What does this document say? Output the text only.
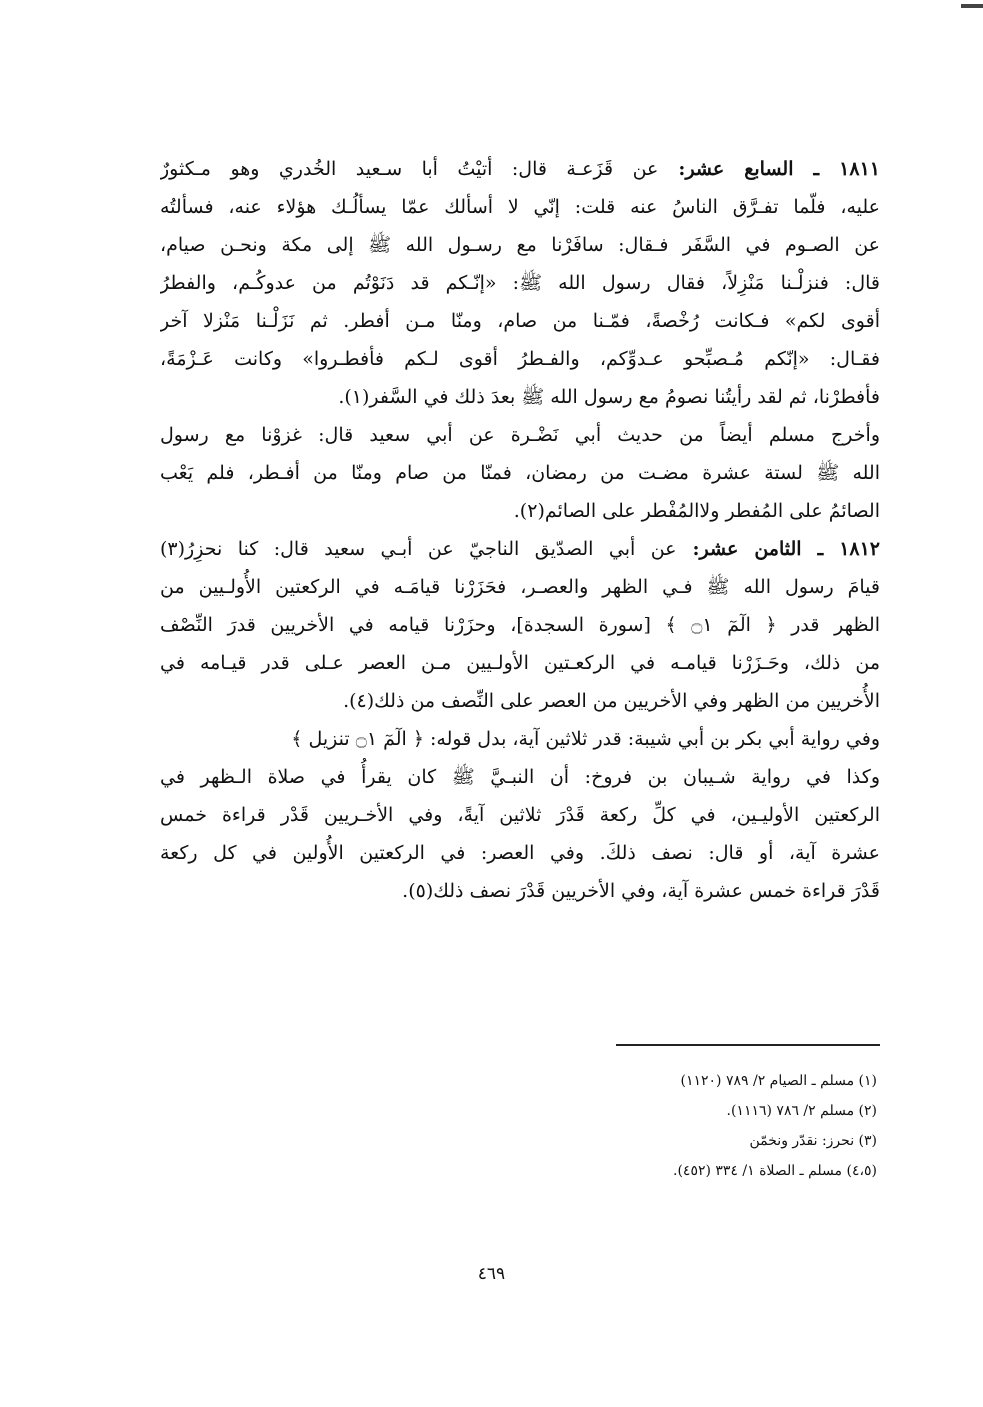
١٨١١ ـ السابع عشر: عن قَزَعـة قال: أتيْتُ أبا سـعيد الخُدري وهو مـكثورٌ
عليه، فلّما تفـرَّق الناسُ عنه قلت: إنّي لا أسألك عمّا يسألُـك هؤلاء عنه، فسألتُه
عن الصـوم في السَّفَر فـقال: سافَرْنا مع رسـول الله ﷺ إلى مكة ونحـن صيام،
قال: فنزلْـنا مَنْزِلاً، فقال رسول الله ﷺ: «إنّـكم قد دَنَوْتُم من عدوكُـم، والفطرُ
أقوى لكم» فـكانت رُخْصةً، فمّـنا من صام، ومنّا مـن أفطر. ثم نَزَلْـنا مَنْزلا آخر
فقـال: «إنّكم مُـصبِّحو عـدوِّكم، والفـطرُ أقوى لـكم فأفطـروا» وكانت عَـزْمَةً،
فأفطرْنا، ثم لقد رأيتُنا نصومُ مع رسول الله ﷺ بعدَ ذلك في السَّفر(١).
وأخرج مسلم أيضاً من حديث أبي نَضْـرة عن أبي سعيد قال: غزوْنا مع رسول
الله ﷺ لستة عشرة مضـت من رمضان، فمنّا من صام ومنّا من أفـطر، فلم يَعْب
الصائمُ على المُفطر ولاالمُفْطر على الصائم(٢).
١٨١٢ ـ الثامن عشر: عن أبي الصدّيق الناجيّ عن أبـي سعيد قال: كنا نحزِرُ(٣)
قيامَ رسول الله ﷺ فـي الظهر والعصـر، فحَزَرْنا قيامَـه في الركعتين الأُولـيين من
الظهر قدر ﴿ الٓمٓ ۝١ ﴾ [سورة السجدة]، وحزَرْنا قيامه في الأخريين قدرَ النِّصْف
من ذلك، وحَـزَرْنا قيامـه في الركعـتين الأولـيين مـن العصر عـلى قدر قيـامه في
الأُخريين من الظهر وفي الأخريين من العصر على النِّصف من ذلك(٤).
وفي رواية أبي بكر بن أبي شيبة: قدر ثلاثين آية، بدل قوله: ﴿ الٓمٓ ۝١ تنزيل ﴾
وكذا في رواية شـيبان بن فروخ: أن النبـيَّ ﷺ كان يقرأُ في صلاة الـظهر في
الركعتين الأوليـين، في كلِّ ركعة قَدْرَ ثلاثين آيةً، وفي الأخـريين قَدْر قراءة خمس
عشرة آية، أو قال: نصف ذلكَ. وفي العصر: في الركعتين الأُولين في كل ركعة
قَدْرَ قراءة خمس عشرة آية، وفي الأخريين قَدْرَ نصف ذلك(٥).
(١) مسلم ـ الصيام ٢/ ٧٨٩ (١١٢٠)
(٢) مسلم ٢/ ٧٨٦ (١١١٦).
(٣) نحرز: نقدّر ونخمّن
(٤،٥) مسلم ـ الصلاة ١/ ٣٣٤ (٤٥٢).
٤٦٩
